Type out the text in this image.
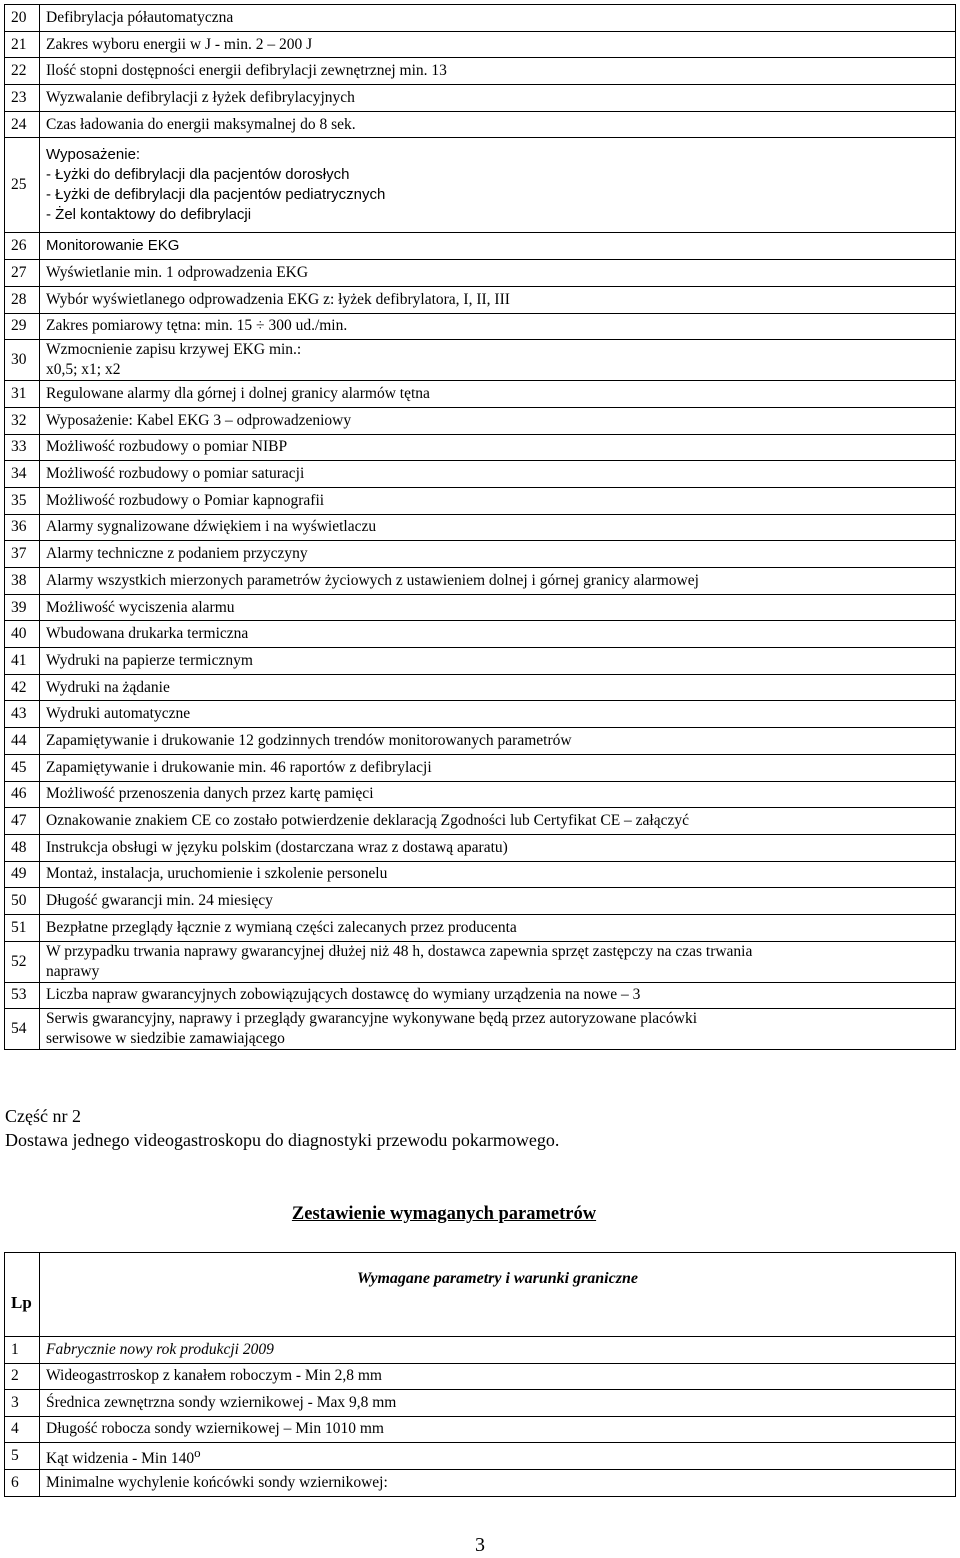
20	Defibrylacja półautomatyczna
21	Zakres wyboru energii w J - min. 2 – 200 J
22	Ilość stopni dostępności energii defibrylacji zewnętrznej min. 13
23	Wyzwalanie defibrylacji z łyżek defibrylacyjnych
24	Czas ładowania do energii maksymalnej do 8 sek.
25	Wyposażenie:
- Łyżki do defibrylacji dla pacjentów dorosłych
- Łyżki de defibrylacji dla pacjentów pediatrycznych
- Żel kontaktowy do defibrylacji

26	Monitorowanie EKG
27	Wyświetlanie min. 1 odprowadzenia EKG
28	Wybór wyświetlanego odprowadzenia EKG z: łyżek defibrylatora, I, II, III
29	Zakres pomiarowy tętna: min. 15 ÷ 300 ud./min.
30	Wzmocnienie zapisu krzywej EKG min.:
x0,5; x1; x2

31	Regulowane alarmy dla górnej i dolnej granicy alarmów tętna
32	Wyposażenie: Kabel EKG 3 – odprowadzeniowy
33	Możliwość rozbudowy o pomiar NIBP
34	Możliwość rozbudowy o pomiar saturacji
35	Możliwość rozbudowy o Pomiar kapnografii
36	Alarmy sygnalizowane dźwiękiem i na wyświetlaczu
37	Alarmy techniczne z podaniem przyczyny
38	Alarmy wszystkich mierzonych parametrów życiowych z ustawieniem dolnej i górnej granicy alarmowej
39	Możliwość wyciszenia alarmu
40	Wbudowana drukarka termiczna
41	Wydruki na papierze termicznym
42	Wydruki na żądanie
43	Wydruki automatyczne
44	Zapamiętywanie i drukowanie 12 godzinnych trendów monitorowanych parametrów
45	Zapamiętywanie i drukowanie min. 46 raportów z defibrylacji
46	Możliwość przenoszenia danych przez kartę pamięci
47	Oznakowanie znakiem CE co zostało potwierdzenie deklaracją Zgodności lub Certyfikat CE – załączyć
48	Instrukcja obsługi w języku polskim (dostarczana wraz z dostawą aparatu)
49	Montaż, instalacja, uruchomienie i szkolenie personelu
50	Długość gwarancji min. 24 miesięcy
51	Bezpłatne przeglądy łącznie z wymianą części zalecanych przez producenta
52	W przypadku trwania naprawy gwarancyjnej dłużej niż 48 h, dostawca zapewnia sprzęt zastępczy na czas trwania
naprawy

53	Liczba napraw gwarancyjnych zobowiązujących dostawcę do wymiany urządzenia na nowe – 3
54	Serwis gwarancyjny, naprawy i przeglądy gwarancyjne wykonywane będą przez autoryzowane placówki
serwisowe w siedzibie zamawiającego
Część nr 2
Dostawa jednego videogastroskopu do diagnostyki przewodu pokarmowego.
Zestawienie wymaganych parametrów
Lp	Wymagane parametry i warunki graniczne
1	Fabrycznie nowy rok produkcji 2009
2	Wideogastrroskop z kanałem roboczym - Min 2,8 mm
3	Średnica zewnętrzna sondy wziernikowej - Max 9,8 mm
4	Długość robocza sondy wziernikowej – Min 1010 mm
5	Kąt widzenia - Min 140$^o$
6	Minimalne wychylenie końcówki sondy wziernikowej:
3
